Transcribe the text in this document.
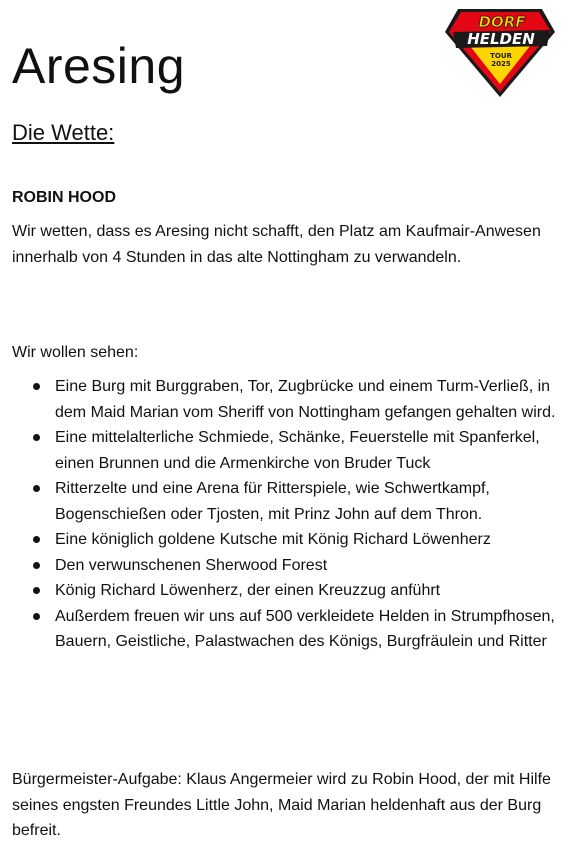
Aresing
Die Wette:
ROBIN HOOD

Wir wetten, dass es Aresing nicht schafft, den Platz am Kaufmair-Anwesen innerhalb von 4 Stunden in das alte Nottingham zu verwandeln.

Wir wollen sehen:

Eine Burg mit Burggraben, Tor, Zugbrücke und einem Turm-Verließ, in dem Maid Marian vom Sheriff von Nottingham gefangen gehalten wird.
Eine mittelalterliche Schmiede, Schänke, Feuerstelle mit Spanferkel, einen Brunnen und die Armenkirche von Bruder Tuck
Ritterzelte und eine Arena für Ritterspiele, wie Schwertkampf, Bogenschießen oder Tjosten, mit Prinz John auf dem Thron.
Eine königlich goldene Kutsche mit König Richard Löwenherz
Den verwunschenen Sherwood Forest
König Richard Löwenherz, der einen Kreuzzug anführt
Außerdem freuen wir uns auf 500 verkleidete Helden in Strumpfhosen, Bauern, Geistliche, Palastwachen des Königs, Burgfräulein und Ritter

Bürgermeister-Aufgabe: Klaus Angermeier wird zu Robin Hood, der mit Hilfe seines engsten Freundes Little John, Maid Marian heldenhaft aus der Burg befreit.

DORF
HELDEN
TOUR
2025
